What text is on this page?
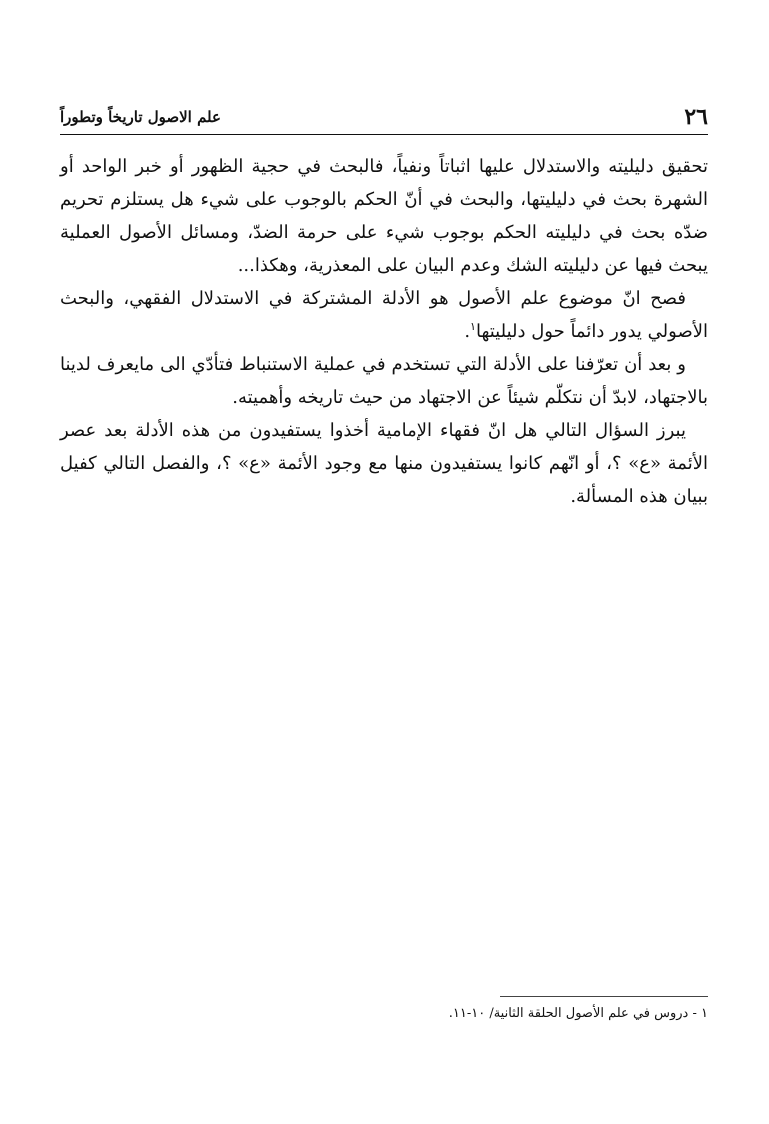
٢٦
علم الاصول تاريخاً وتطوراً

تحقيق دليليته والاستدلال عليها اثباتاً ونفياً، فالبحث في حجية الظهور أو خبر الواحد أو الشهرة بحث في دليليتها، والبحث في أنّ الحكم بالوجوب على شيء هل يستلزم تحريم ضدّه بحث في دليليته الحكم بوجوب شيء على حرمة الضدّ، ومسائل الأصول العملية يبحث فيها عن دليليته الشك وعدم البيان على المعذرية، وهكذا...

فصح انّ موضوع علم الأصول هو الأدلة المشتركة في الاستدلال الفقهي، والبحث الأصولي يدور دائماً حول دليليتها$^١$.

و بعد أن تعرّفنا على الأدلة التي تستخدم في عملية الاستنباط فتأدّي الى مايعرف لدينا بالاجتهاد، لابدّ أن نتكلّم شيئاً عن الاجتهاد من حيث تاريخه وأهميته.

يبرز السؤال التالي هل انّ فقهاء الإمامية أخذوا يستفيدون من هذه الأدلة بعد عصر الأئمة «ع» ؟، أو انّهم كانوا يستفيدون منها مع وجود الأئمة «ع» ؟، والفصل التالي كفيل ببيان هذه المسألة.

١ - دروس في علم الأصول الحلقة الثانية/ ١٠-١١.
